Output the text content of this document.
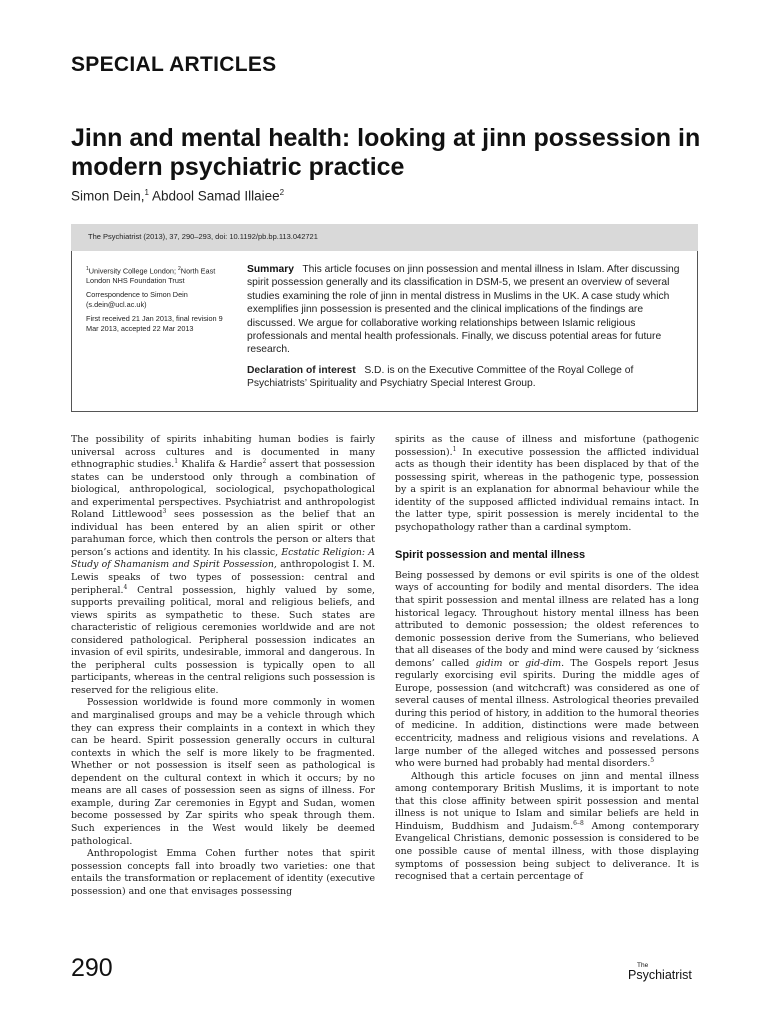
SPECIAL ARTICLES
Jinn and mental health: looking at jinn possession in modern psychiatric practice
Simon Dein,$^1$ Abdool Samad Illaiee$^2$
The Psychiatrist (2013), 37, 290–293, doi: 10.1192/pb.bp.113.042721

$^1$University College London; $^2$North East London NHS Foundation Trust

Correspondence to Simon Dein (s.dein@ucl.ac.uk)

First received 21 Jan 2013, final revision 9 Mar 2013, accepted 22 Mar 2013

Summary This article focuses on jinn possession and mental illness in Islam. After discussing spirit possession generally and its classification in DSM-5, we present an overview of several studies examining the role of jinn in mental distress in Muslims in the UK. A case study which exemplifies jinn possession is presented and the clinical implications of the findings are discussed. We argue for collaborative working relationships between Islamic religious professionals and mental health professionals. Finally, we discuss potential areas for future research.
Declaration of interest S.D. is on the Executive Committee of the Royal College of Psychiatrists’ Spirituality and Psychiatry Special Interest Group.

The possibility of spirits inhabiting human bodies is fairly universal across cultures and is documented in many ethnographic studies.$^1$ Khalifa & Hardie$^2$ assert that possession states can be understood only through a combination of biological, anthropological, sociological, psychopathological and experimental perspectives. Psychiatrist and anthropologist Roland Littlewood$^3$ sees possession as the belief that an individual has been entered by an alien spirit or other parahuman force, which then controls the person or alters that person’s actions and identity. In his classic, Ecstatic Religion: A Study of Shamanism and Spirit Possession, anthropologist I. M. Lewis speaks of two types of possession: central and peripheral.$^4$ Central possession, highly valued by some, supports prevailing political, moral and religious beliefs, and views spirits as sympathetic to these. Such states are characteristic of religious ceremonies worldwide and are not considered pathological. Peripheral possession indicates an invasion of evil spirits, undesirable, immoral and dangerous. In the peripheral cults possession is typically open to all participants, whereas in the central religions such possession is reserved for the religious elite.

Possession worldwide is found more commonly in women and marginalised groups and may be a vehicle through which they can express their complaints in a context in which they can be heard. Spirit possession generally occurs in cultural contexts in which the self is more likely to be fragmented. Whether or not possession is itself seen as pathological is dependent on the cultural context in which it occurs; by no means are all cases of possession seen as signs of illness. For example, during Zar ceremonies in Egypt and Sudan, women become possessed by Zar spirits who speak through them. Such experiences in the West would likely be deemed pathological.

Anthropologist Emma Cohen further notes that spirit possession concepts fall into broadly two varieties: one that entails the transformation or replacement of identity (executive possession) and one that envisages possessing

spirits as the cause of illness and misfortune (pathogenic possession).$^1$ In executive possession the afflicted individual acts as though their identity has been displaced by that of the possessing spirit, whereas in the pathogenic type, possession by a spirit is an explanation for abnormal behaviour while the identity of the supposed afflicted individual remains intact. In the latter type, spirit possession is merely incidental to the psychopathology rather than a cardinal symptom.

Spirit possession and mental illness

Being possessed by demons or evil spirits is one of the oldest ways of accounting for bodily and mental disorders. The idea that spirit possession and mental illness are related has a long historical legacy. Throughout history mental illness has been attributed to demonic possession; the oldest references to demonic possession derive from the Sumerians, who believed that all diseases of the body and mind were caused by ‘sickness demons’ called gidim or gid-dim. The Gospels report Jesus regularly exorcising evil spirits. During the middle ages of Europe, possession (and witchcraft) was considered as one of several causes of mental illness. Astrological theories prevailed during this period of history, in addition to the humoral theories of medicine. In addition, distinctions were made between eccentricity, madness and religious visions and revelations. A large number of the alleged witches and possessed persons who were burned had probably had mental disorders.$^5$

Although this article focuses on jinn and mental illness among contemporary British Muslims, it is important to note that this close affinity between spirit possession and mental illness is not unique to Islam and similar beliefs are held in Hinduism, Buddhism and Judaism.$^{6-8}$ Among contemporary Evangelical Christians, demonic possession is considered to be one possible cause of mental illness, with those displaying symptoms of possession being subject to deliverance. It is recognised that a certain percentage of

290	The
Psychiatrist
